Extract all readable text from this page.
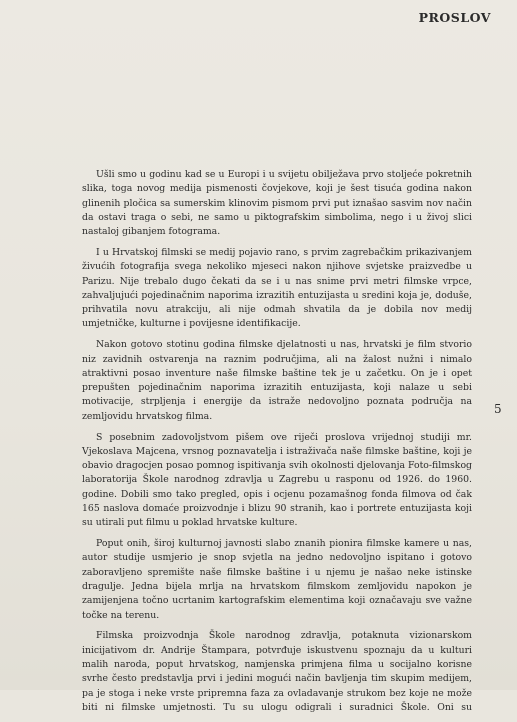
PROSLOV
5

Ušli smo u godinu kad se u Europi i u svijetu obilježava prvo stoljeće pokretnih slika, toga novog medija pismenosti čovjekove, koji je šest tisuća godina nakon glinenih pločica sa sumerskim klinovim pismom prvi put iznašao sasvim nov način da ostavi traga o sebi, ne samo u piktografskim simbolima, nego i u živoj slici nastaloj gibanjem fotograma.

I u Hrvatskoj filmski se medij pojavio rano, s prvim zagrebačkim prikazivanjem živućih fotografija svega nekoliko mjeseci nakon njihove svjetske praizvedbe u Parizu. Nije trebalo dugo čekati da se i u nas snime prvi metri filmske vrpce, zahvaljujući pojedinačnim naporima izrazitih entuzijasta u sredini koja je, doduše, prihvatila novu atrakciju, ali nije odmah shvatila da je dobila nov medij umjetničke, kulturne i povijesne identifikacije.

Nakon gotovo stotinu godina filmske djelatnosti u nas, hrvatski je film stvorio niz zavidnih ostvarenja na raznim područjima, ali na žalost nužni i nimalo atraktivni posao inventure naše filmske baštine tek je u začetku. On je i opet prepušten pojedinačnim naporima izrazitih entuzijasta, koji nalaze u sebi motivacije, strpljenja i energije da istraže nedovoljno poznata područja na zemljovidu hrvatskog filma.

S posebnim zadovoljstvom pišem ove riječi proslova vrijednoj studiji mr. Vjekoslava Majcena, vrsnog poznavatelja i istraživača naše filmske baštine, koji je obavio dragocjen posao pomnog ispitivanja svih okolnosti djelovanja Foto-filmskog laboratorija Škole narodnog zdravlja u Zagrebu u rasponu od 1926. do 1960. godine. Dobili smo tako pregled, opis i ocjenu pozamašnog fonda filmova od čak 165 naslova domaće proizvodnje i blizu 90 stranih, kao i portrete entuzijasta koji su utirali put filmu u poklad hrvatske kulture.

Poput onih, široj kulturnoj javnosti slabo znanih pionira filmske kamere u nas, autor studije usmjerio je snop svjetla na jedno nedovoljno ispitano i gotovo zaboravljeno spremište naše filmske baštine i u njemu je našao neke istinske dragulje. Jedna bijela mrlja na hrvatskom filmskom zemljovidu napokon je zamijenjena točno ucrtanim kartografskim elementima koji označavaju sve važne točke na terenu.

Filmska proizvodnja Škole narodnog zdravlja, potaknuta vizionarskom inicijativom dr. Andrije Štampara, potvrđuje iskustvenu spoznaju da u kulturi malih naroda, poput hrvatskog, namjenska primjena filma u socijalno korisne svrhe često predstavlja prvi i jedini mogući način bavljenja tim skupim medijem, pa je stoga i neke vrste pripremna faza za ovladavanje strukom bez koje ne može biti ni filmske umjetnosti. Tu su ulogu odigrali i suradnici Škole. Oni su
